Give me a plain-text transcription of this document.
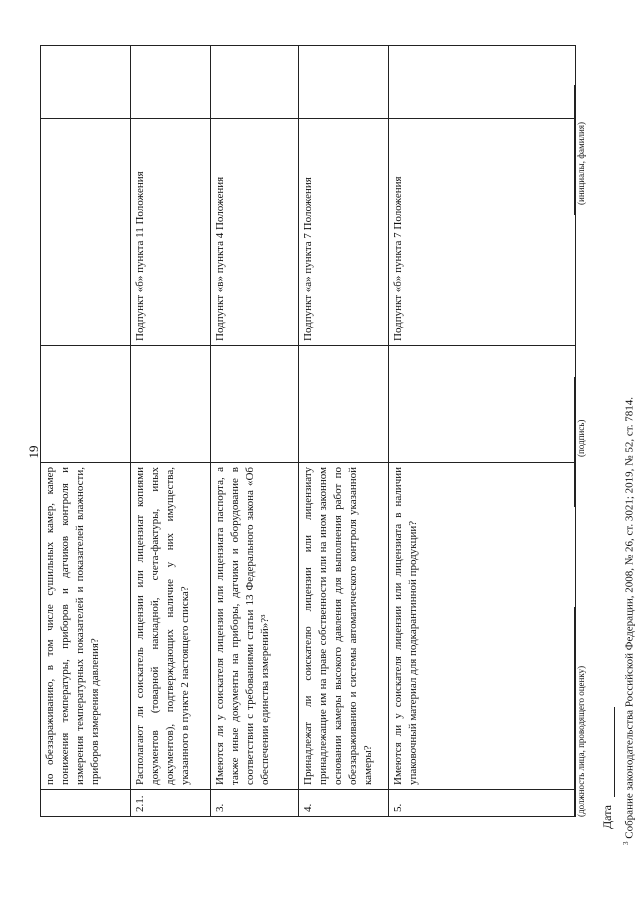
19
	по обеззараживанию, в том числе сушильных камер, камер понижения температуры, приборов и датчиков контроля и измерения температурных показателей и показателей влажности, приборов измерения давления?			
2.1.	Располагают ли соискатель лицензии или лицензиат копиями документов (товарной накладной, счета-фактуры, иных документов), подтверждающих наличие у них имущества, указанного в пункте 2 настоящего списка?		Подпункт «б» пункта 11 Положения	
3.	Имеются ли у соискателя лицензии или лицензиата паспорта, а также иные документы на приборы, датчики и оборудование в соответствии с требованиями статьи 13 Федерального закона «Об обеспечении единства измерений»?³		Подпункт «в» пункта 4 Положения	
4.	Принадлежат ли соискателю лицензии или лицензиату принадлежащие им на праве собственности или на ином законном основании камеры высокого давления для выполнения работ по обеззараживанию и системы автоматического контроля указанной камеры?		Подпункт «а» пункта 7 Положения	
5.	Имеются ли у соискателя лицензии или лицензиата в наличии упаковочный материал для подкарантинной продукции?		Подпункт «б» пункта 7 Положения	
(должность лица, проводящего оценку)
(подпись)
(инициалы, фамилия)
Дата
$^3$ Собрание законодательства Российской Федерации, 2008, № 26, ст. 3021; 2019, № 52, ст. 7814.
